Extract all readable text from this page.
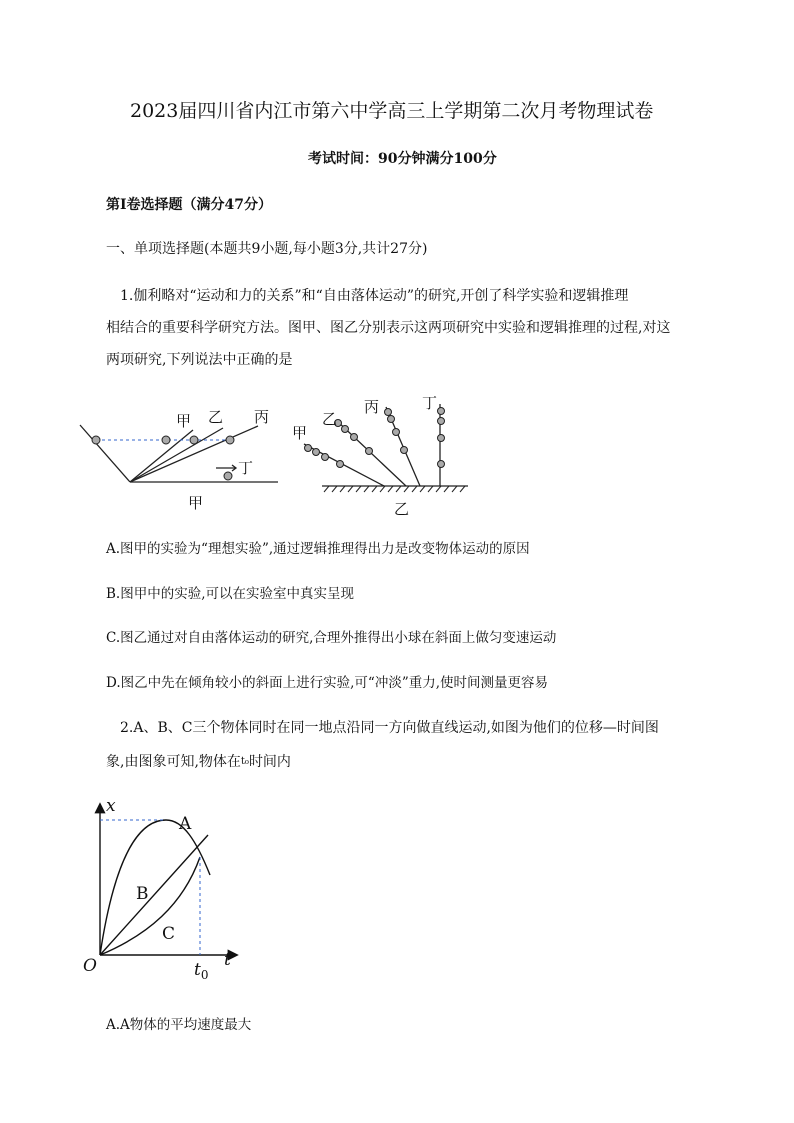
2023届四川省内江市第六中学高三上学期第二次月考物理试卷
考试时间：90分钟满分100分
第I卷选择题（满分47分）
一、单项选择题(本题共9小题,每小题3分,共计27分)
1.伽利略对“运动和力的关系”和“自由落体运动”的研究,开创了科学实验和逻辑推理
相结合的重要科学研究方法。图甲、图乙分别表示这两项研究中实验和逻辑推理的过程,对这
两项研究,下列说法中正确的是
甲 乙 丙
丁
甲
甲
乙
丙	丁
乙
A.图甲的实验为“理想实验”,通过逻辑推理得出力是改变物体运动的原因
B.图甲中的实验,可以在实验室中真实呈现
C.图乙通过对自由落体运动的研究,合理外推得出小球在斜面上做匀变速运动
D.图乙中先在倾角较小的斜面上进行实验,可“冲淡”重力,使时间测量更容易
2.A、B、C三个物体同时在同一地点沿同一方向做直线运动,如图为他们的位移—时间图
象,由图象可知,物体在t₀时间内
x
t
O	$t_0$
A
B
C
A.A物体的平均速度最大
